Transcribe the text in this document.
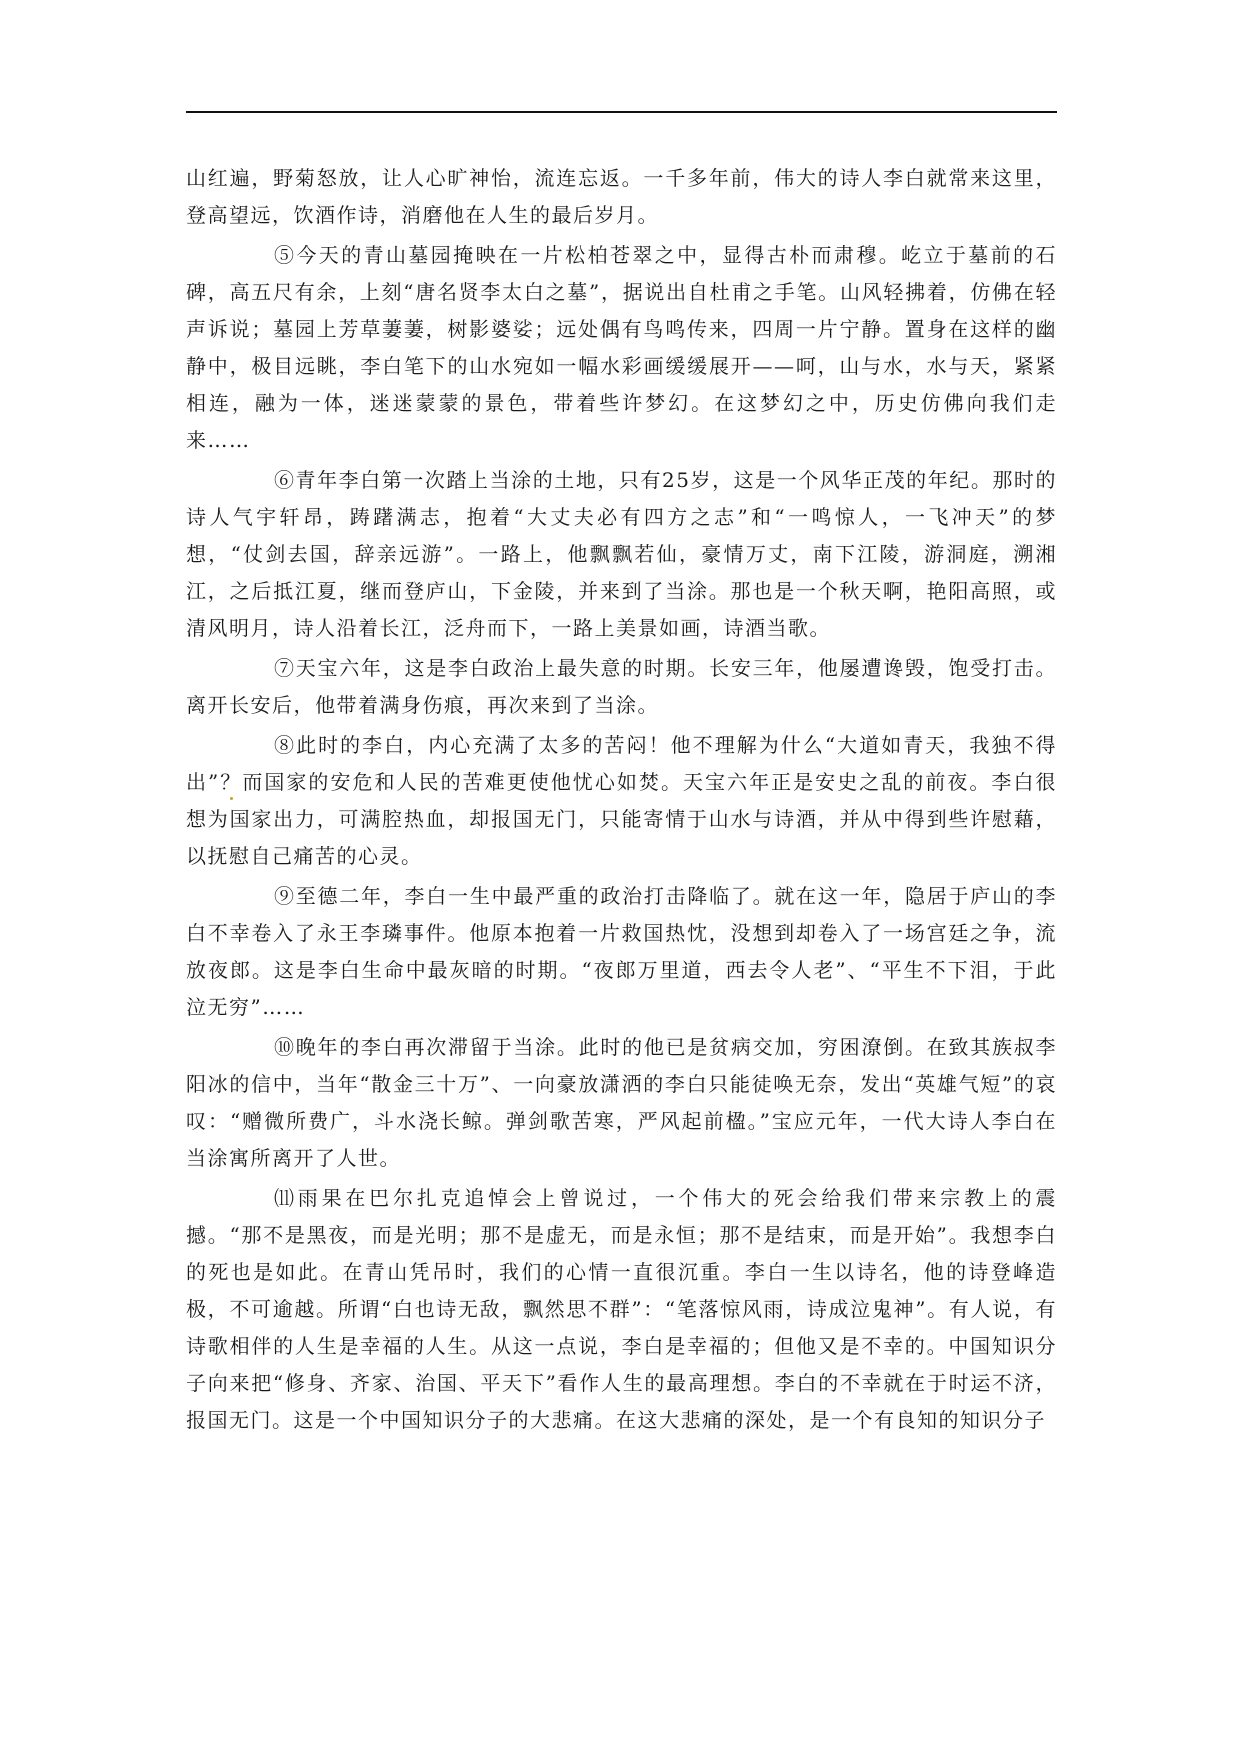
山红遍，野菊怒放，让人心旷神怡，流连忘返。一千多年前，伟大的诗人李白就常来这里，登高望远，饮酒作诗，消磨他在人生的最后岁月。

⑤今天的青山墓园掩映在一片松柏苍翠之中，显得古朴而肃穆。屹立于墓前的石碑，高五尺有余，上刻“唐名贤李太白之墓”，据说出自杜甫之手笔。山风轻拂着，仿佛在轻声诉说；墓园上芳草萋萋，树影婆娑；远处偶有鸟鸣传来，四周一片宁静。置身在这样的幽静中，极目远眺，李白笔下的山水宛如一幅水彩画缓缓展开——呵，山与水，水与天，紧紧相连，融为一体，迷迷蒙蒙的景色，带着些许梦幻。在这梦幻之中，历史仿佛向我们走来……

⑥青年李白第一次踏上当涂的土地，只有25岁，这是一个风华正茂的年纪。那时的诗人气宇轩昂，踌躇满志，抱着“大丈夫必有四方之志”和“一鸣惊人，一飞冲天”的梦想，“仗剑去国，辞亲远游”。一路上，他飘飘若仙，豪情万丈，南下江陵，游洞庭，溯湘江，之后抵江夏，继而登庐山，下金陵，并来到了当涂。那也是一个秋天啊，艳阳高照，或清风明月，诗人沿着长江，泛舟而下，一路上美景如画，诗酒当歌。

⑦天宝六年，这是李白政治上最失意的时期。长安三年，他屡遭谗毁，饱受打击。离开长安后，他带着满身伤痕，再次来到了当涂。

⑧此时的李白，内心充满了太多的苦闷！他不理解为什么“大道如青天，我独不得出”？而国家的安危和人民的苦难更使他忧心如焚。天宝六年正是安史之乱的前夜。李白很想为国家出力，可满腔热血，却报国无门，只能寄情于山水与诗酒，并从中得到些许慰藉，以抚慰自己痛苦的心灵。

⑨至德二年，李白一生中最严重的政治打击降临了。就在这一年，隐居于庐山的李白不幸卷入了永王李璘事件。他原本抱着一片救国热忱，没想到却卷入了一场宫廷之争，流放夜郎。这是李白生命中最灰暗的时期。“夜郎万里道，西去令人老”、“平生不下泪，于此泣无穷”……

⑩晚年的李白再次滞留于当涂。此时的他已是贫病交加，穷困潦倒。在致其族叔李阳冰的信中，当年“散金三十万”、一向豪放潇洒的李白只能徒唤无奈，发出“英雄气短”的哀叹：“赠微所费广，斗水浇长鲸。弹剑歌苦寒，严风起前楹。”宝应元年，一代大诗人李白在当涂寓所离开了人世。

⑾雨果在巴尔扎克追悼会上曾说过，一个伟大的死会给我们带来宗教上的震撼。“那不是黑夜，而是光明；那不是虚无，而是永恒；那不是结束，而是开始”。我想李白的死也是如此。在青山凭吊时，我们的心情一直很沉重。李白一生以诗名，他的诗登峰造极，不可逾越。所谓“白也诗无敌，飘然思不群”：“笔落惊风雨，诗成泣鬼神”。有人说，有诗歌相伴的人生是幸福的人生。从这一点说，李白是幸福的；但他又是不幸的。中国知识分子向来把“修身、齐家、治国、平天下”看作人生的最高理想。李白的不幸就在于时运不济，报国无门。这是一个中国知识分子的大悲痛。在这大悲痛的深处，是一个有良知的知识分子
